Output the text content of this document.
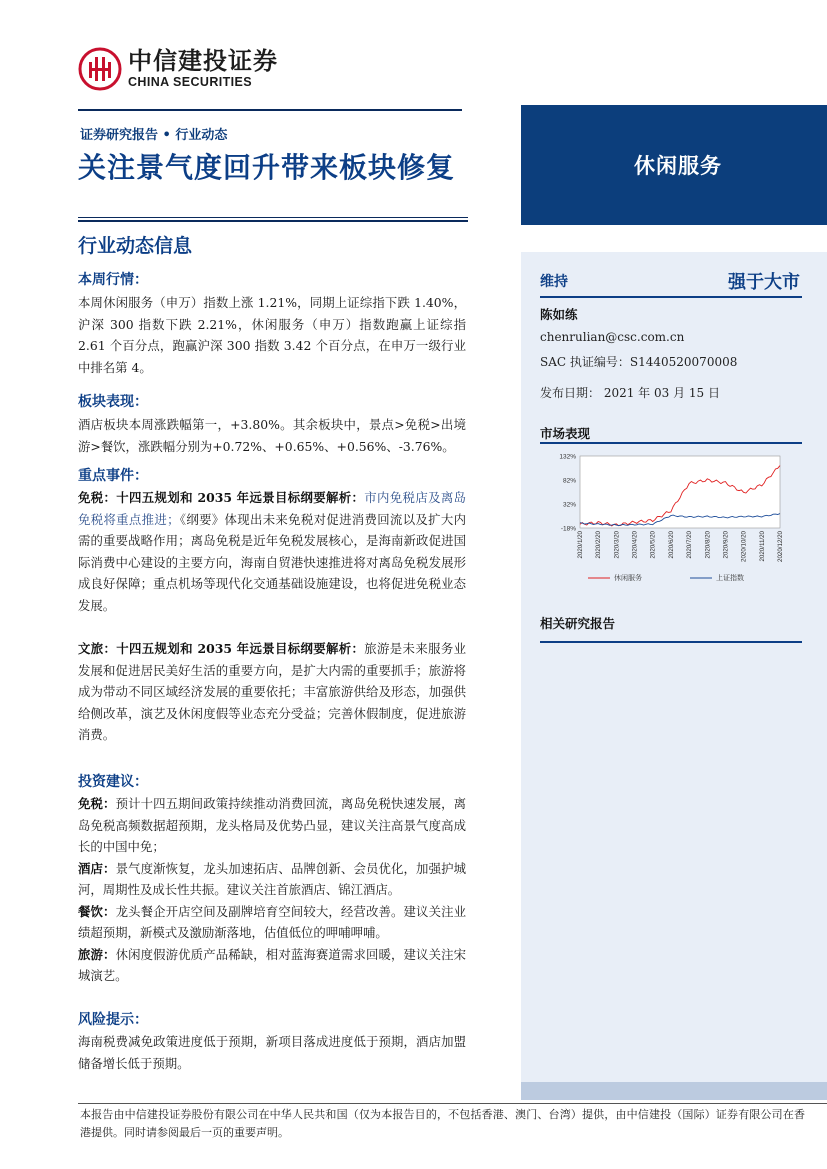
中信建投证券
CHINA SECURITIES
证券研究报告 • 行业动态
关注景气度回升带来板块修复
行业动态信息
本周行情：

本周休闲服务（申万）指数上涨 1.21%，同期上证综指下跌 1.40%，沪深 300 指数下跌 2.21%，休闲服务（申万）指数跑赢上证综指 2.61 个百分点，跑赢沪深 300 指数 3.42 个百分点，在申万一级行业中排名第 4。

板块表现：

酒店板块本周涨跌幅第一，+3.80%。其余板块中，景点>免税>出境游>餐饮，涨跌幅分别为+0.72%、+0.65%、+0.56%、-3.76%。

重点事件：

免税：十四五规划和 2035 年远景目标纲要解析：市内免税店及离岛免税将重点推进；《纲要》体现出未来免税对促进消费回流以及扩大内需的重要战略作用；离岛免税是近年免税发展核心，是海南新政促进国际消费中心建设的主要方向，海南自贸港快速推进将对离岛免税发展形成良好保障；重点机场等现代化交通基础设施建设，也将促进免税业态发展。

文旅：十四五规划和 2035 年远景目标纲要解析：旅游是未来服务业发展和促进居民美好生活的重要方向，是扩大内需的重要抓手；旅游将成为带动不同区域经济发展的重要依托；丰富旅游供给及形态，加强供给侧改革，演艺及休闲度假等业态充分受益；完善休假制度，促进旅游消费。

投资建议：

免税：预计十四五期间政策持续推动消费回流，离岛免税快速发展，离岛免税高频数据超预期，龙头格局及优势凸显，建议关注高景气度高成长的中国中免；

酒店：景气度渐恢复，龙头加速拓店、品牌创新、会员优化，加强护城河，周期性及成长性共振。建议关注首旅酒店、锦江酒店。

餐饮：龙头餐企开店空间及副牌培育空间较大，经营改善。建议关注业绩超预期，新模式及激励渐落地，估值低位的呷哺呷哺。

旅游：休闲度假游优质产品稀缺，相对蓝海赛道需求回暖，建议关注宋城演艺。

风险提示：

海南税费减免政策进度低于预期，新项目落成进度低于预期，酒店加盟储备增长低于预期。

休闲服务
维持	强于大市
陈如练
chenrulian@csc.com.cn
SAC 执证编号：S1440520070008
发布日期： 2021 年 03 月 15 日
市场表现
132%
82%
32%
-18%
2020/1/20 2020/2/20 2020/3/20 2020/4/20 2020/5/20 2020/6/20 2020/7/20 2020/8/20 2020/9/20 2020/10/20 2020/11/20 2020/12/20
休闲服务	上证指数
相关研究报告
本报告由中信建投证券股份有限公司在中华人民共和国（仅为本报告目的，不包括香港、澳门、台湾）提供，由中信建投（国际）证券有限公司在香港提供。同时请参阅最后一页的重要声明。
